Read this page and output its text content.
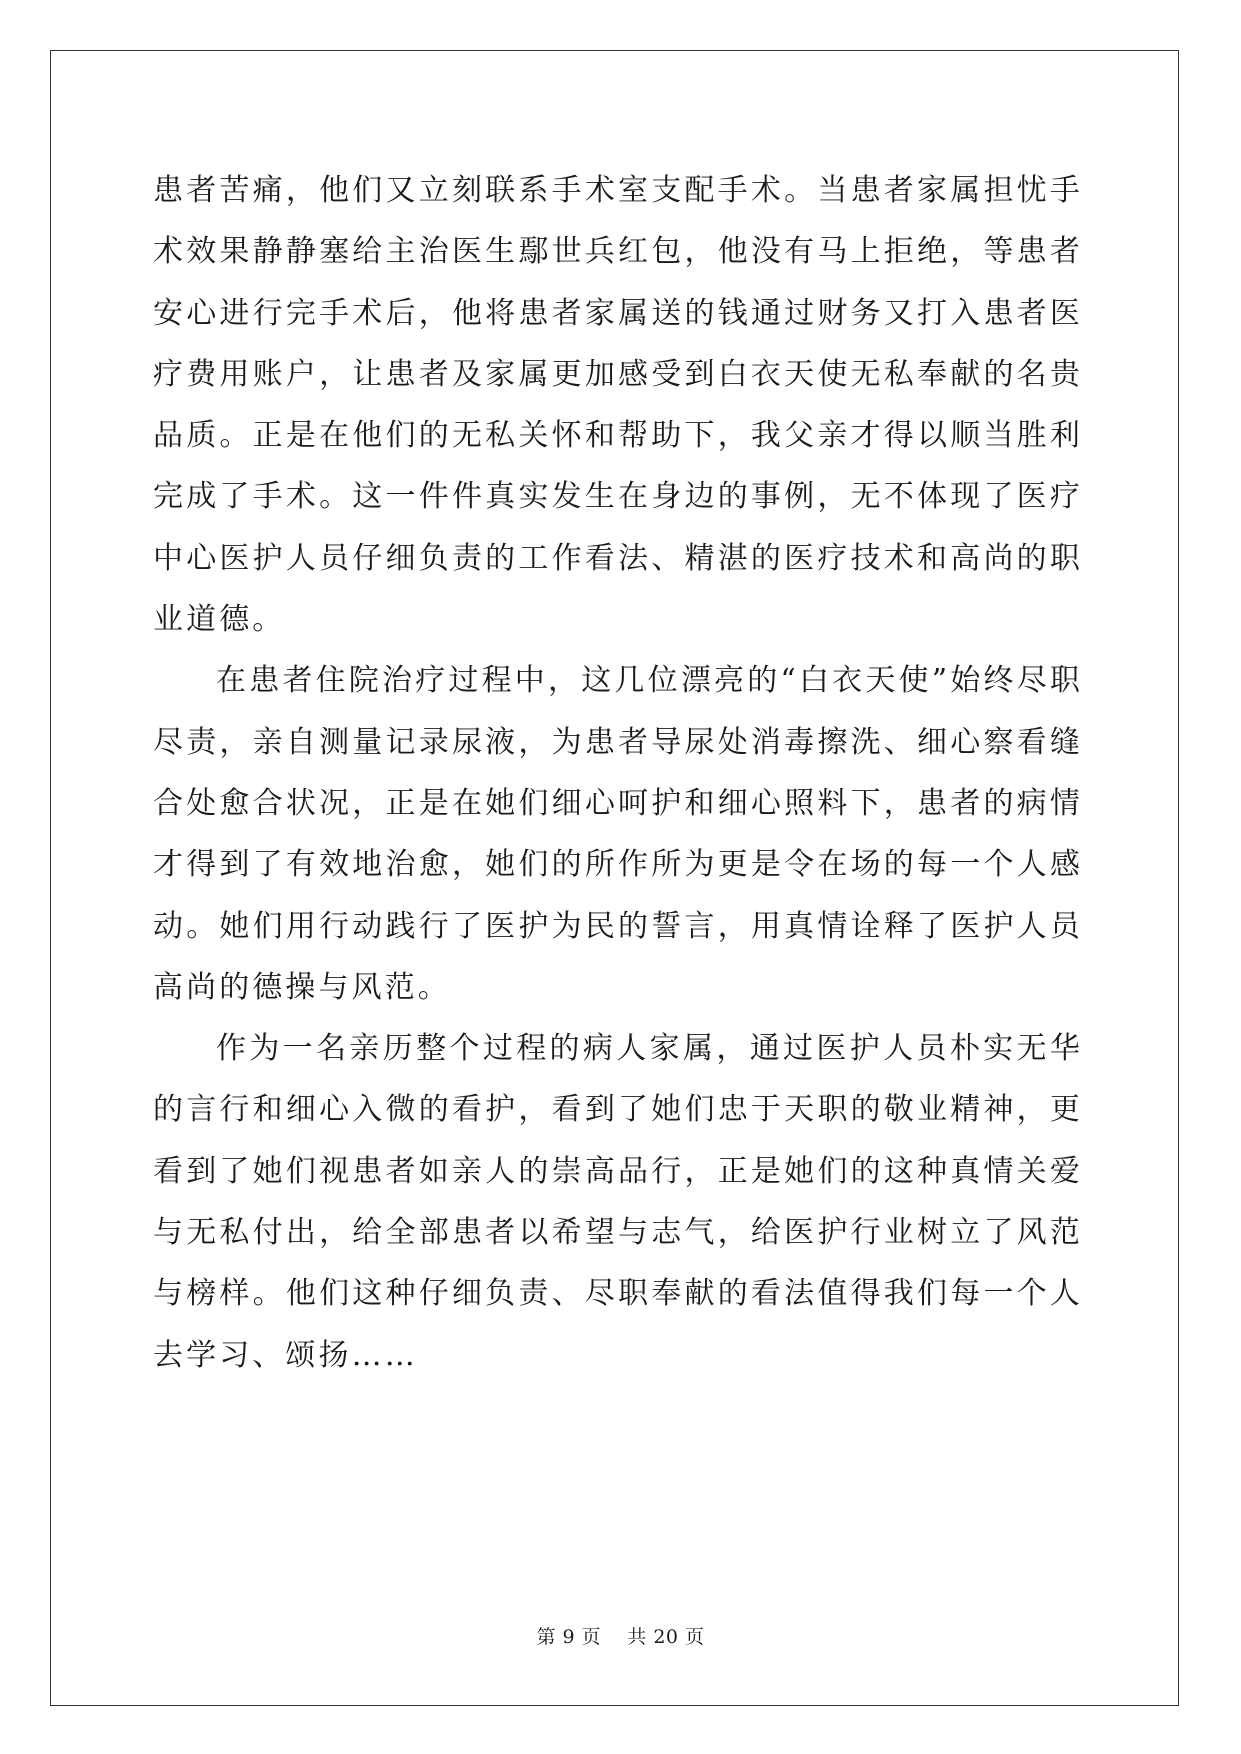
患者苦痛，他们又立刻联系手术室支配手术。当患者家属担忧手术效果静静塞给主治医生鄢世兵红包，他没有马上拒绝，等患者安心进行完手术后，他将患者家属送的钱通过财务又打入患者医疗费用账户，让患者及家属更加感受到白衣天使无私奉献的名贵品质。正是在他们的无私关怀和帮助下，我父亲才得以顺当胜利完成了手术。这一件件真实发生在身边的事例，无不体现了医疗中心医护人员仔细负责的工作看法、精湛的医疗技术和高尚的职业道德。

在患者住院治疗过程中，这几位漂亮的“白衣天使”始终尽职尽责，亲自测量记录尿液，为患者导尿处消毒擦洗、细心察看缝合处愈合状况，正是在她们细心呵护和细心照料下，患者的病情才得到了有效地治愈，她们的所作所为更是令在场的每一个人感动。她们用行动践行了医护为民的誓言，用真情诠释了医护人员高尚的德操与风范。

作为一名亲历整个过程的病人家属，通过医护人员朴实无华的言行和细心入微的看护，看到了她们忠于天职的敬业精神，更看到了她们视患者如亲人的崇高品行，正是她们的这种真情关爱与无私付出，给全部患者以希望与志气，给医护行业树立了风范与榜样。他们这种仔细负责、尽职奉献的看法值得我们每一个人去学习、颂扬……

第 9 页 共 20 页
